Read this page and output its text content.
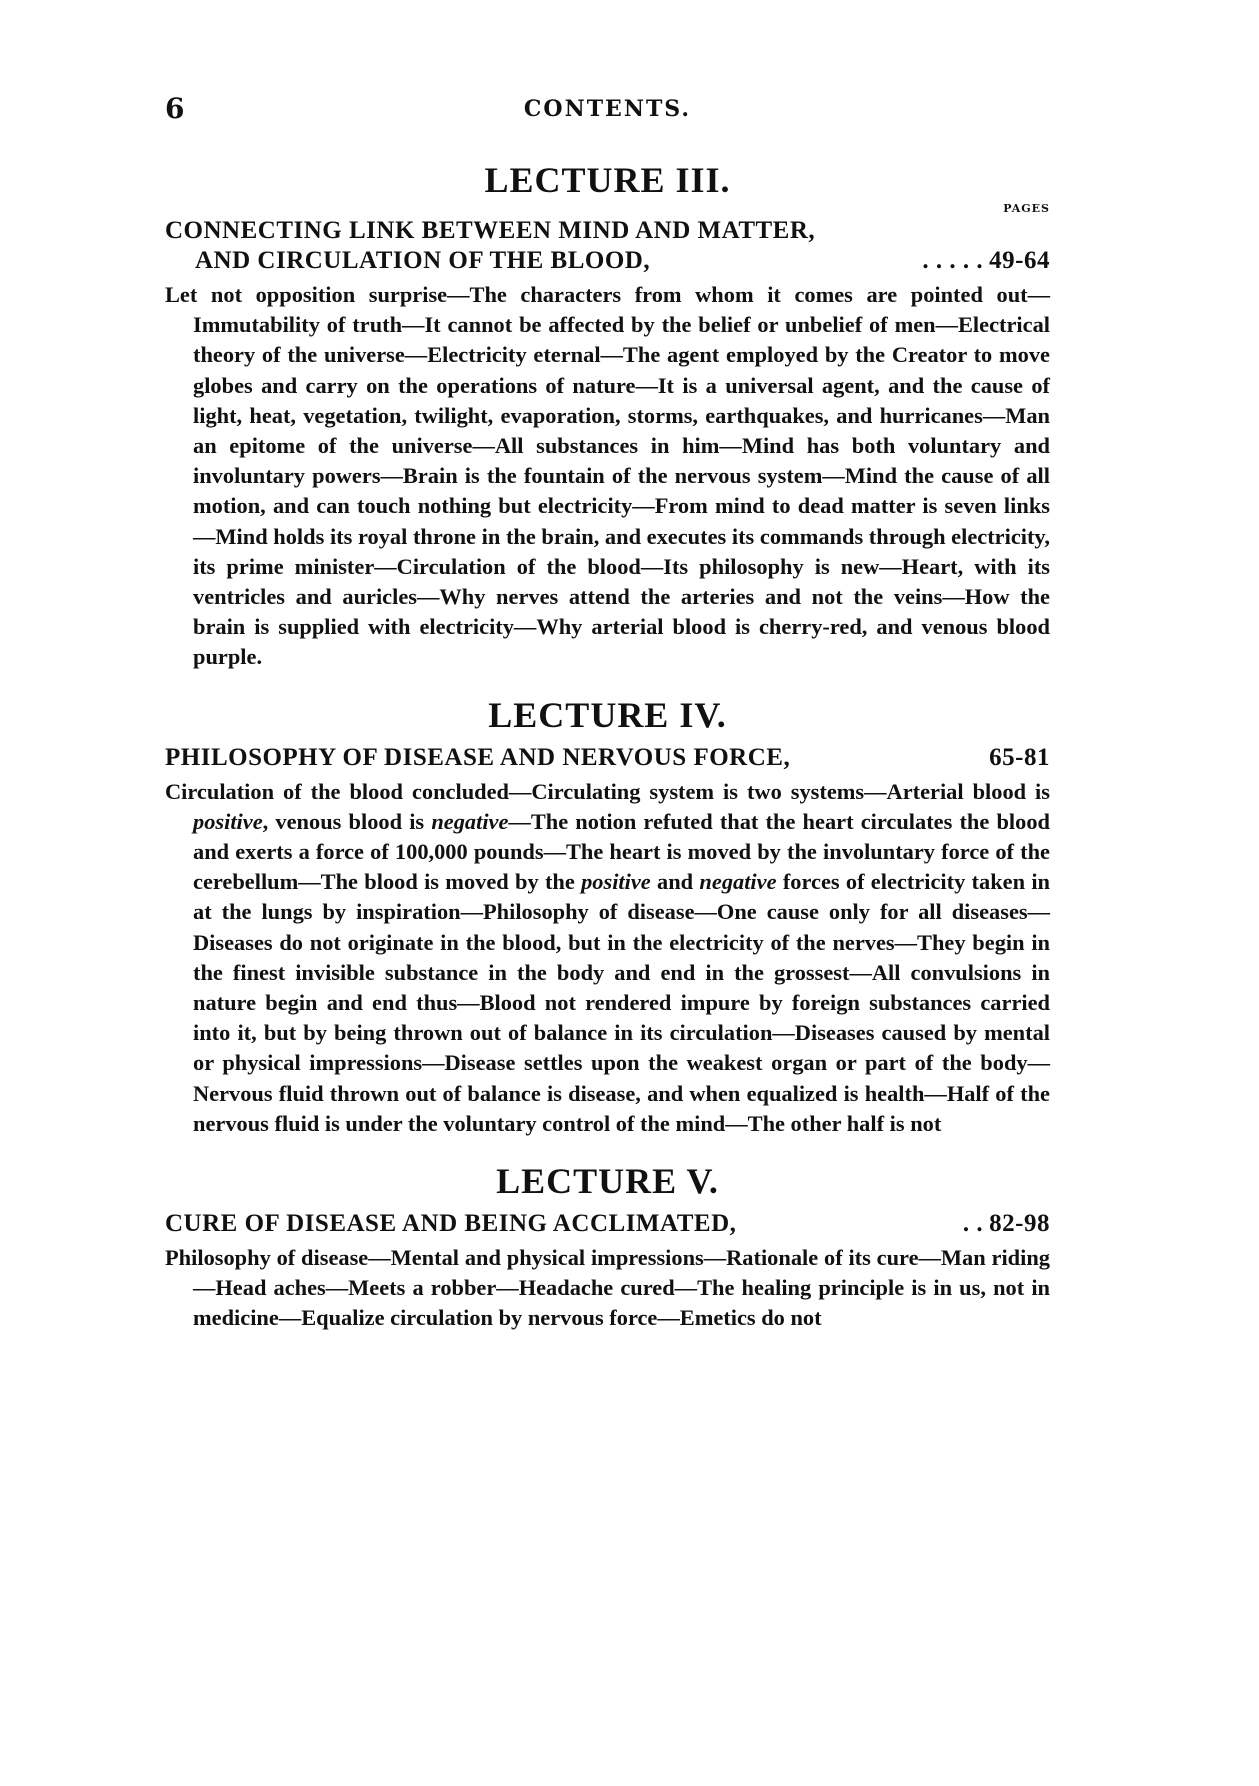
6	CONTENTS.
LECTURE III.

PAGES

CONNECTING LINK BETWEEN MIND AND MATTER,
AND CIRCULATION OF THE BLOOD,	. . . . . 49-64

Let not opposition surprise—The characters from whom it comes are pointed out—Immutability of truth—It cannot be affected by the belief or unbelief of men—Electrical theory of the universe—Electricity eternal—The agent employed by the Creator to move globes and carry on the operations of nature—It is a universal agent, and the cause of light, heat, vegetation, twilight, evaporation, storms, earthquakes, and hurricanes—Man an epitome of the universe—All substances in him—Mind has both voluntary and involuntary powers—Brain is the fountain of the nervous system—Mind the cause of all motion, and can touch nothing but electricity—From mind to dead matter is seven links—Mind holds its royal throne in the brain, and executes its commands through electricity, its prime minister—Circulation of the blood—Its philosophy is new—Heart, with its ventricles and auricles—Why nerves attend the arteries and not the veins—How the brain is supplied with electricity—Why arterial blood is cherry-red, and venous blood purple.

LECTURE IV.
PHILOSOPHY OF DISEASE AND NERVOUS FORCE,	65-81

Circulation of the blood concluded—Circulating system is two systems—Arterial blood is positive, venous blood is negative—The notion refuted that the heart circulates the blood and exerts a force of 100,000 pounds—The heart is moved by the involuntary force of the cerebellum—The blood is moved by the positive and negative forces of electricity taken in at the lungs by inspiration—Philosophy of disease—One cause only for all diseases—Diseases do not originate in the blood, but in the electricity of the nerves—They begin in the finest invisible substance in the body and end in the grossest—All convulsions in nature begin and end thus—Blood not rendered impure by foreign substances carried into it, but by being thrown out of balance in its circulation—Diseases caused by mental or physical impressions—Disease settles upon the weakest organ or part of the body—Nervous fluid thrown out of balance is disease, and when equalized is health—Half of the nervous fluid is under the voluntary control of the mind—The other half is not

LECTURE V.
CURE OF DISEASE AND BEING ACCLIMATED,	. . 82-98

Philosophy of disease—Mental and physical impressions—Rationale of its cure—Man riding—Head aches—Meets a robber—Headache cured—The healing principle is in us, not in medicine—Equalize circulation by nervous force—Emetics do not
